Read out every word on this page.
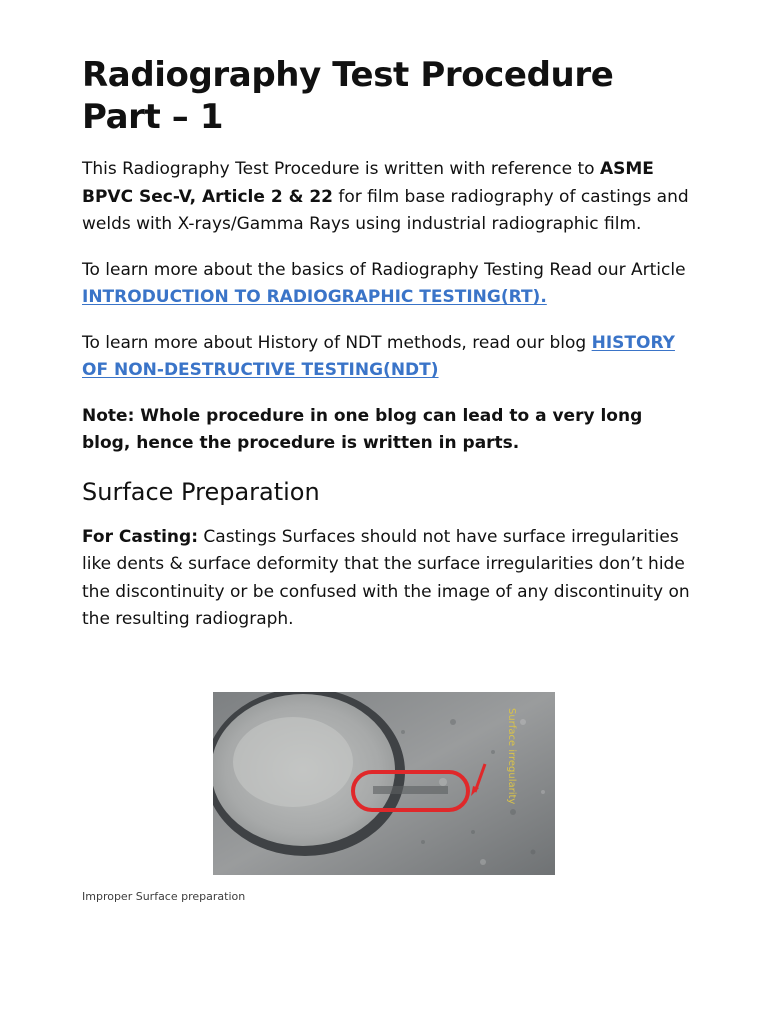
Radiography Test Procedure Part – 1

This Radiography Test Procedure is written with reference to ASME BPVC Sec-V, Article 2 & 22 for film base radiography of castings and welds with X-rays/Gamma Rays using industrial radiographic film.

To learn more about the basics of Radiography Testing Read our Article INTRODUCTION TO RADIOGRAPHIC TESTING(RT).

To learn more about History of NDT methods, read our blog HISTORY OF NON-DESTRUCTIVE TESTING(NDT)

Note: Whole procedure in one blog can lead to a very long blog, hence the procedure is written in parts.

Surface Preparation

For Casting: Castings Surfaces should not have surface irregularities like dents & surface deformity that the surface irregularities don’t hide the discontinuity or be confused with the image of any discontinuity on the resulting radiograph.

Surface irregularity
Improper Surface preparation
